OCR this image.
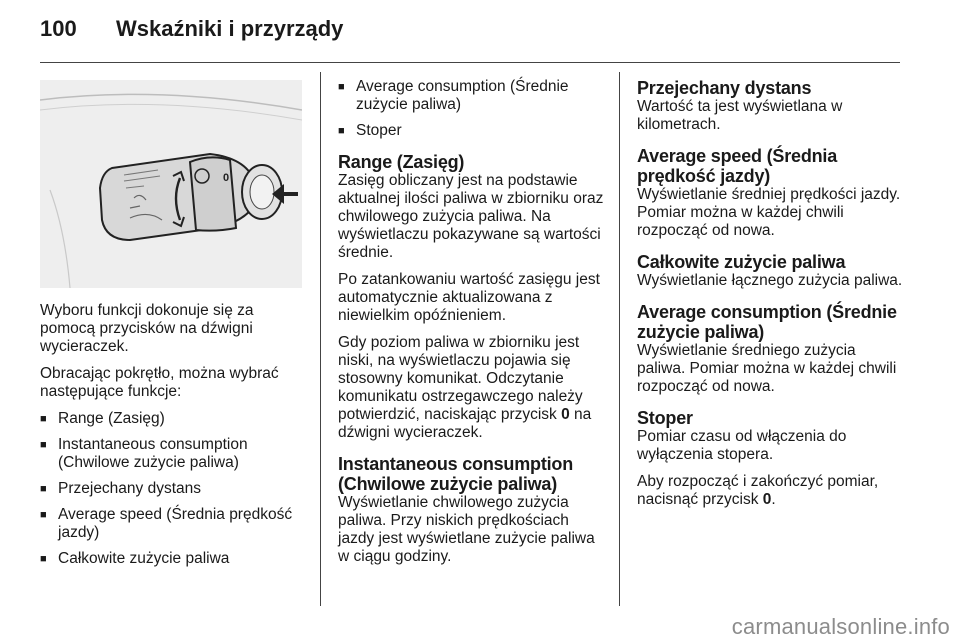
100 Wskaźniki i przyrządy
0

Wyboru funkcji dokonuje się za pomocą przycisków na dźwigni wycieraczek.

Obracając pokrętło, można wybrać następujące funkcje:

■ Range (Zasięg)
■ Instantaneous consumption (Chwilowe zużycie paliwa)
■ Przejechany dystans
■ Average speed (Średnia prędkość jazdy)
■ Całkowite zużycie paliwa
■ Average consumption (Średnie zużycie paliwa)
■ Stoper
Range (Zasięg)

Zasięg obliczany jest na podstawie aktualnej ilości paliwa w zbiorniku oraz chwilowego zużycia paliwa. Na wyświetlaczu pokazywane są wartości średnie.

Po zatankowaniu wartość zasięgu jest automatycznie aktualizowana z niewielkim opóźnieniem.

Gdy poziom paliwa w zbiorniku jest niski, na wyświetlaczu pojawia się stosowny komunikat. Odczytanie komunikatu ostrzegawczego należy potwierdzić, naciskając przycisk 0 na dźwigni wycieraczek.

Instantaneous consumption (Chwilowe zużycie paliwa)

Wyświetlanie chwilowego zużycia paliwa. Przy niskich prędkościach jazdy jest wyświetlane zużycie paliwa w ciągu godziny.

Przejechany dystans

Wartość ta jest wyświetlana w kilometrach.

Average speed (Średnia prędkość jazdy)

Wyświetlanie średniej prędkości jazdy. Pomiar można w każdej chwili rozpocząć od nowa.

Całkowite zużycie paliwa

Wyświetlanie łącznego zużycia paliwa.

Average consumption (Średnie zużycie paliwa)

Wyświetlanie średniego zużycia paliwa. Pomiar można w każdej chwili rozpocząć od nowa.

Stoper

Pomiar czasu od włączenia do wyłączenia stopera.

Aby rozpocząć i zakończyć pomiar, nacisnąć przycisk 0.

carmanualsonline.info
